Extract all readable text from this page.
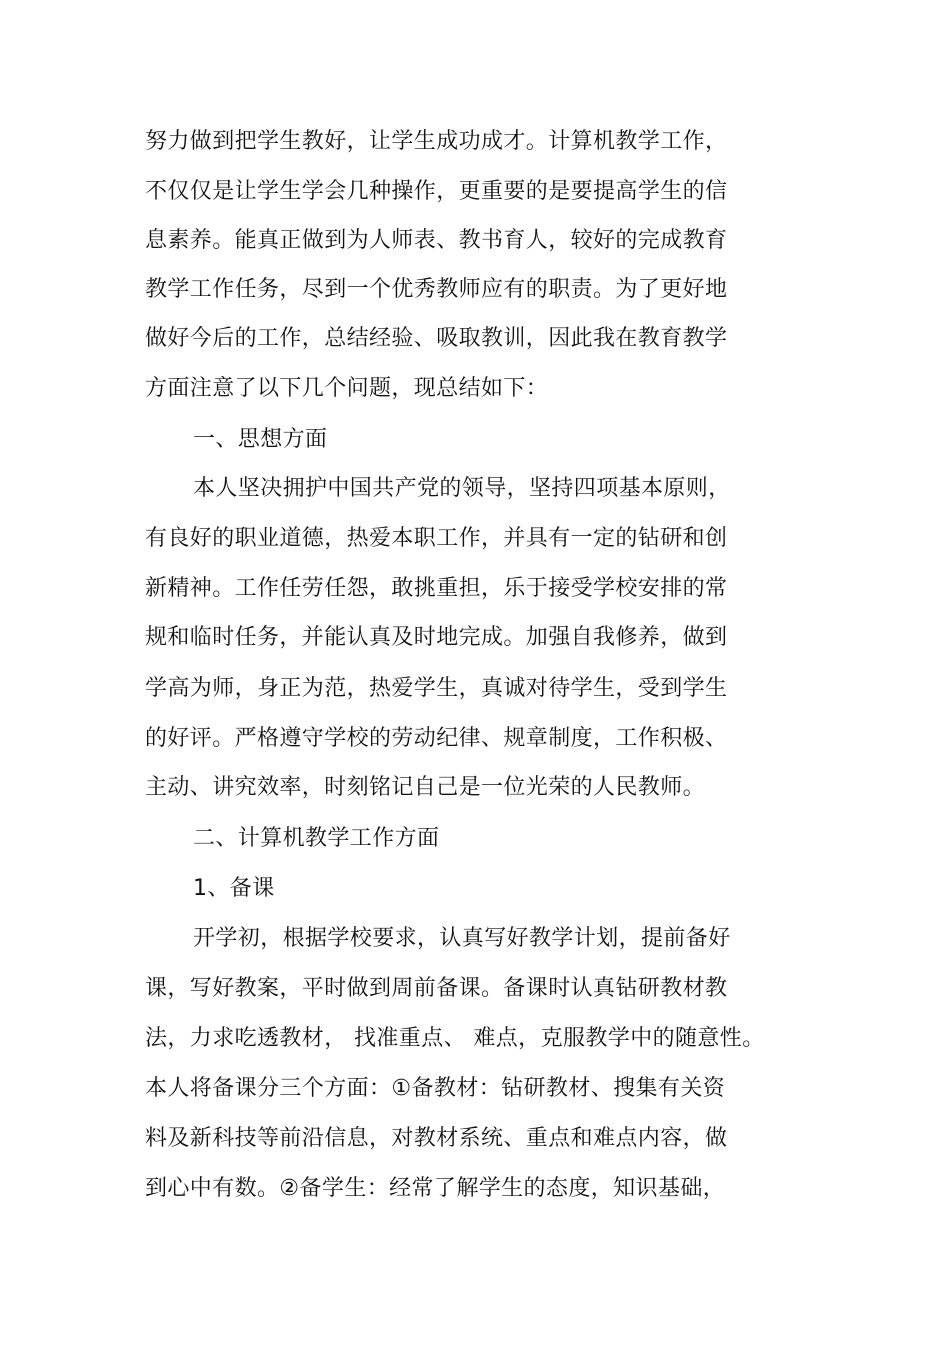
努力做到把学生教好，让学生成功成才。计算机教学工作，

不仅仅是让学生学会几种操作，更重要的是要提高学生的信

息素养。能真正做到为人师表、教书育人，较好的完成教育

教学工作任务，尽到一个优秀教师应有的职责。为了更好地

做好今后的工作，总结经验、吸取教训，因此我在教育教学

方面注意了以下几个问题，现总结如下：

一、思想方面

本人坚决拥护中国共产党的领导，坚持四项基本原则，

有良好的职业道德，热爱本职工作，并具有一定的钻研和创

新精神。工作任劳任怨，敢挑重担，乐于接受学校安排的常

规和临时任务，并能认真及时地完成。加强自我修养，做到

学高为师，身正为范，热爱学生，真诚对待学生，受到学生

的好评。严格遵守学校的劳动纪律、规章制度，工作积极、

主动、讲究效率，时刻铭记自己是一位光荣的人民教师。

二、计算机教学工作方面

1、备课

开学初，根据学校要求，认真写好教学计划，提前备好

课，写好教案，平时做到周前备课。备课时认真钻研教材教

法，力求吃透教材， 找准重点、 难点，克服教学中的随意性。

本人将备课分三个方面：①备教材：钻研教材、搜集有关资

料及新科技等前沿信息，对教材系统、重点和难点内容，做

到心中有数。②备学生：经常了解学生的态度，知识基础，
